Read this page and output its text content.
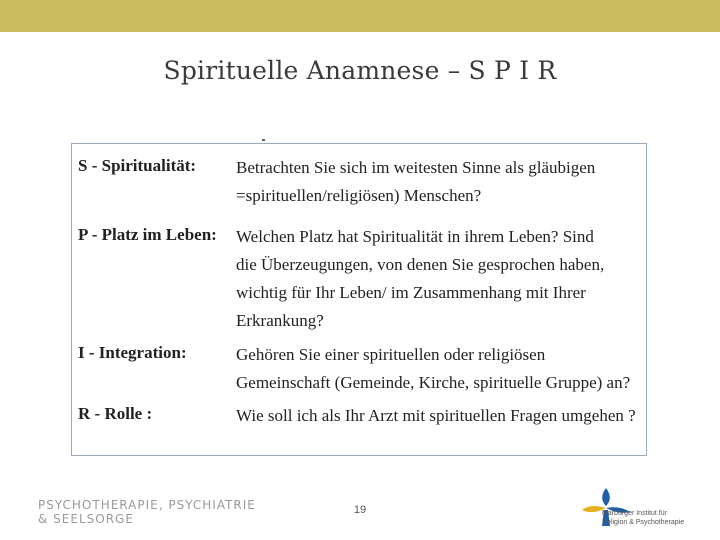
Spirituelle Anamnese – S P I R
S - Spiritualität: Betrachten Sie sich im weitesten Sinne als gläubigen
=spirituellen/religiösen) Menschen?
P - Platz im Leben: Welchen Platz hat Spiritualität in ihrem Leben? Sind
die Überzeugungen, von denen Sie gesprochen haben,
wichtig für Ihr Leben/ im Zusammenhang mit Ihrer
Erkrankung?
I - Integration:	Gehören Sie einer spirituellen oder religiösen
Gemeinschaft (Gemeinde, Kirche, spirituelle Gruppe) an?
R - Rolle :	Wie soll ich als Ihr Arzt mit spirituellen Fragen umgehen ?
PSYCHOTHERAPIE, PSYCHIATRIE
& SEELSORGE
19	Marburger Institut für
Religion & Psychotherapie
